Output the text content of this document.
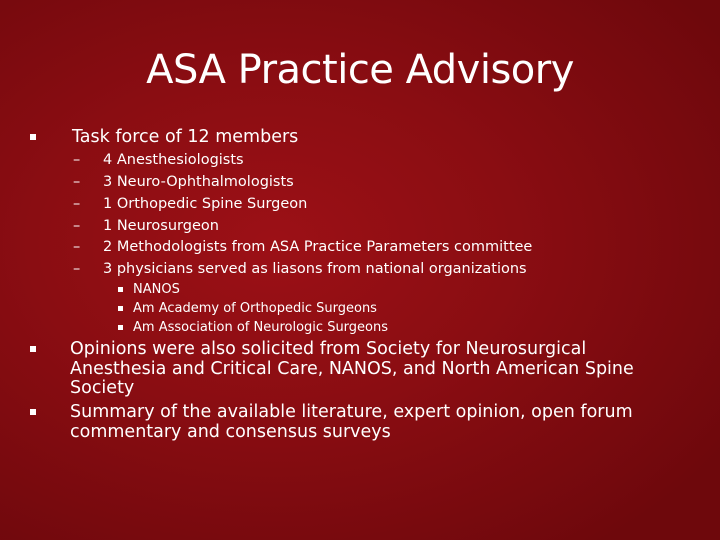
ASA Practice Advisory
Task force of 12 members
– 4 Anesthesiologists
– 3 Neuro-Ophthalmologists
– 1 Orthopedic Spine Surgeon
– 1 Neurosurgeon
– 2 Methodologists from ASA Practice Parameters committee
– 3 physicians served as liasons from national organizations
NANOS
Am Academy of Orthopedic Surgeons
Am Association of Neurologic Surgeons
Opinions were also solicited from Society for Neurosurgical
Anesthesia and Critical Care, NANOS, and North American Spine
Society
Summary of the available literature, expert opinion, open forum
commentary and consensus surveys
